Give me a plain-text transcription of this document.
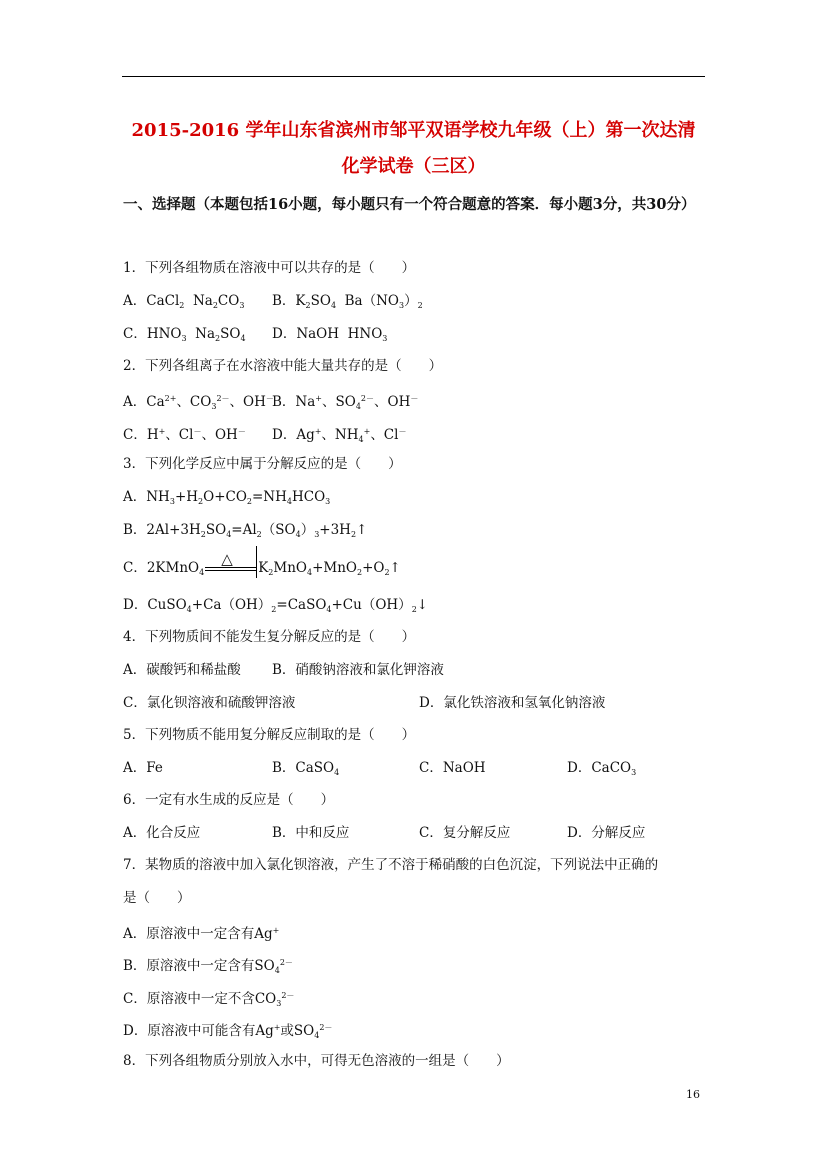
2015-2016 学年山东省滨州市邹平双语学校九年级（上）第一次达清
化学试卷（三区）
一、选择题（本题包括16小题，每小题只有一个符合题意的答案．每小题3分，共30分）
1．下列各组物质在溶液中可以共存的是（　　）
A．CaCl$_2$  $Na_2CO_3$ B．$K_2SO_4$  $Ba(NO_3)_2$
C．$HNO_3$  $Na_2SO_4$ D．NaOH  $HNO_3$
2．下列各组离子在水溶液中能大量共存的是（　　）
A．$Ca^{2+}$、$CO_3^{2-}$、OH－
B．Na+、$SO_4^{2-}$、OH－
C．H+、Cl－、OH－ D．Ag+、$NH_4^+$、Cl－
3．下列化学反应中属于分解反应的是（　　）
A．$NH_3+H_2O+CO_2=NH_4HCO_3$
B．$2Al+3H_2SO_4=Al_2(SO_4)_3+3H_2↑$
C．2KMnO$_4$
△
$K_2MnO_4+MnO_2+O_2↑$
D．$CuSO_4+Ca(OH)_2=CaSO_4+Cu(OH)_2↓$
4．下列物质间不能发生复分解反应的是（　　）
A．碳酸钙和稀盐酸 B．硝酸钠溶液和氯化钾溶液
C．氯化钡溶液和硫酸钾溶液	D．氯化铁溶液和氢氧化钠溶液
5．下列物质不能用复分解反应制取的是（　　）
A．Fe	B．CaSO$_4$	C．NaOH	D．CaCO$_3$
6．一定有水生成的反应是（　　）
A．化合反应	B．中和反应	C．复分解反应	D．分解反应
7．某物质的溶液中加入氯化钡溶液，产生了不溶于稀硝酸的白色沉淀，下列说法中正确的
是（　　）
A．原溶液中一定含有Ag+
B．原溶液中一定含有$SO_4^{2-}$
C．原溶液中一定不含$CO_3^{2-}$
D．原溶液中可能含有Ag+或$SO_4^{2-}$
8．下列各组物质分别放入水中，可得无色溶液的一组是（　　）
16
